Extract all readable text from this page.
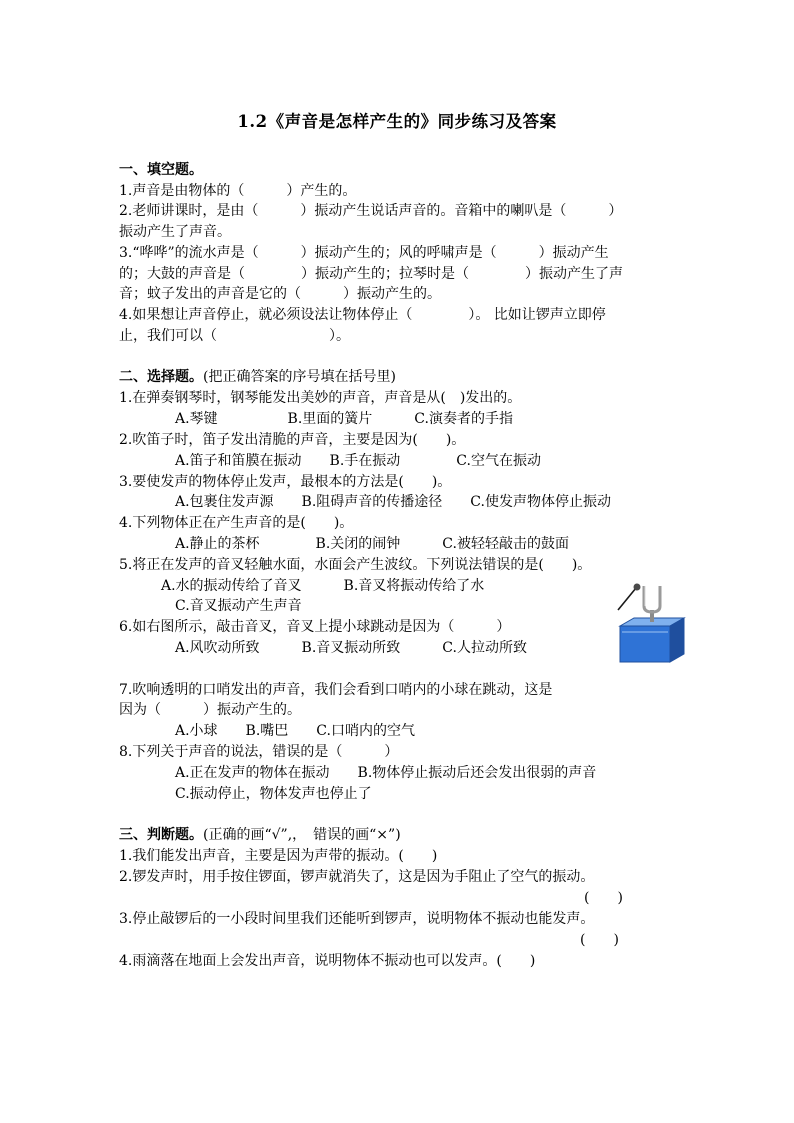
1.2《声音是怎样产生的》同步练习及答案
一、填空题。
1.声音是由物体的（　　　）产生的。
2.老师讲课时，是由（　　　）振动产生说话声音的。音箱中的喇叭是（　　　）
振动产生了声音。
3.“哗哗”的流水声是（　　　）振动产生的；风的呼啸声是（　　　）振动产生
的；大鼓的声音是（　　　　）振动产生的；拉琴时是（　　　　）振动产生了声
音；蚊子发出的声音是它的（　　　）振动产生的。
4.如果想让声音停止，就必须设法让物体停止（　　　　）。 比如让锣声立即停
止，我们可以（　　　　　　　　）。
二、选择题。(把正确答案的序号填在括号里)
1.在弹奏钢琴时，钢琴能发出美妙的声音，声音是从(　)发出的。
　　　　A.琴键　　　　　B.里面的簧片　　　C.演奏者的手指
2.吹笛子时，笛子发出清脆的声音，主要是因为(　　)。
　　　　A.笛子和笛膜在振动　　B.手在振动　　　　C.空气在振动
3.要使发声的物体停止发声，最根本的方法是(　　)。
　　　　A.包裹住发声源　　B.阻碍声音的传播途径　　C.使发声物体停止振动
4.下列物体正在产生声音的是(　　)。
　　　　A.静止的茶杯　　　　B.关闭的闹钟　　　C.被轻轻敲击的鼓面
5.将正在发声的音叉轻触水面，水面会产生波纹。下列说法错误的是(　　)。
　　　A.水的振动传给了音叉　　　B.音叉将振动传给了水
　　　　C.音叉振动产生声音
6.如右图所示，敲击音叉，音叉上提小球跳动是因为（　　　）
　　　　A.风吹动所致　　　B.音叉振动所致　　　C.人拉动所致
7.吹响透明的口哨发出的声音，我们会看到口哨内的小球在跳动，这是
因为（　　　）振动产生的。
　　　　A.小球　　B.嘴巴　　C.口哨内的空气
8.下列关于声音的说法，错误的是（　　　）
　　　　A.正在发声的物体在振动　　B.物体停止振动后还会发出很弱的声音
　　　　C.振动停止，物体发声也停止了
三、判断题。(正确的画“√”,，　错误的画“×”)
1.我们能发出声音，主要是因为声带的振动。(　　)
2.锣发声时，用手按住锣面，锣声就消失了，这是因为手阻止了空气的振动。
(　　)
3.停止敲锣后的一小段时间里我们还能听到锣声，说明物体不振动也能发声。
(　　)
4.雨滴落在地面上会发出声音，说明物体不振动也可以发声。(　　)
